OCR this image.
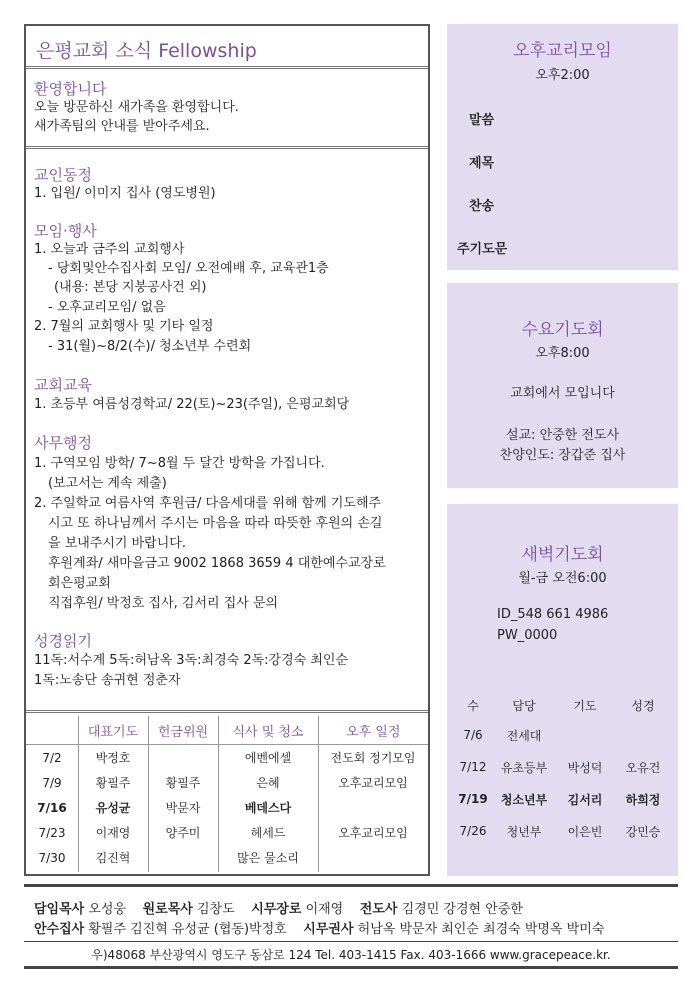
은평교회 소식 Fellowship
환영합니다
오늘 방문하신 새가족을 환영합니다.
새가족팀의 안내를 받아주세요.
교인동정
1. 입원/ 이미지 집사 (영도병원)
모임·행사
1. 오늘과 금주의 교회행사
- 당회및안수집사회 모임/ 오전예배 후, 교육관1층
(내용: 본당 지붕공사건 외)
- 오후교리모임/ 없음
2. 7월의 교회행사 및 기타 일정
- 31(월)~8/2(수)/ 청소년부 수련회
교회교육
1. 초등부 여름성경학교/ 22(토)~23(주일), 은평교회당
사무행정
1. 구역모임 방학/ 7~8월 두 달간 방학을 가집니다.
(보고서는 계속 제출)
2. 주일학교 여름사역 후원금/ 다음세대를 위해 함께 기도해주
시고 또 하나님께서 주시는 마음을 따라 따뜻한 후원의 손길
을 보내주시기 바랍니다.
후원계좌/ 새마을금고 9002 1868 3659 4 대한예수교장로
회은평교회
직접후원/ 박정호 집사, 김서리 집사 문의
성경읽기
11독:서수계 5독:허남옥 3독:최경숙 2독:강경숙 최인순
1독:노송단 송귀현 정춘자
	대표기도	헌금위원	식사 및 청소	오후 일정
7/2	박정호		에벤에셀	전도회 정기모임
7/9	황필주	황필주	은혜	오후교리모임
7/16	유성균	박문자	베데스다	
7/23	이재영	양주미	헤세드	오후교리모임
7/30	김진혁		많은 물소리	
오후교리모임
오후2:00
말씀
제목
찬송
주기도문
수요기도회
오후8:00
교회에서 모입니다
설교: 안중한 전도사
찬양인도: 장갑준 집사
새벽기도회
월-금 오전6:00
ID_548 661 4986
PW_0000
수	담당	기도	성경
7/6	전세대		
7/12	유초등부	박성덕	오유건
7/19	청소년부	김서리	하희정
7/26	청년부	이은빈	강민승
담임목사 오성웅 원로목사 김창도 시무장로 이재영 전도사 김경민 강경현 안중한
안수집사 황필주 김진혁 유성균 (협동)박정호 시무권사 허남옥 박문자 최인순 최경숙 박명옥 박미숙
우)48068 부산광역시 영도구 동삼로 124 Tel. 403-1415 Fax. 403-1666 www.gracepeace.kr.
